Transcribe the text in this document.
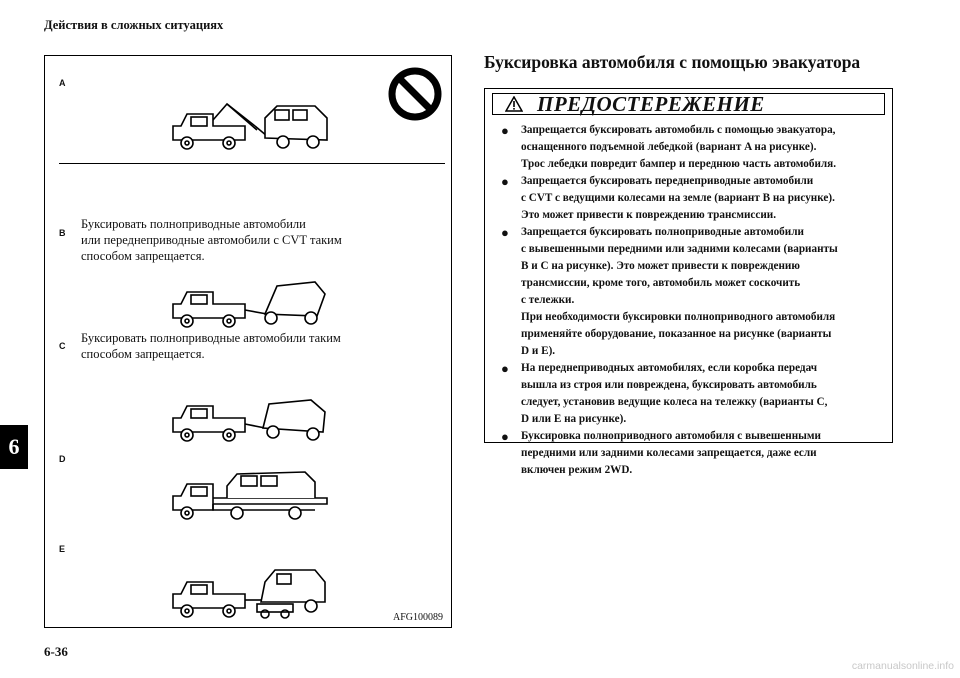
Действия в сложных ситуациях
6
6-36
carmanualsonline.info
A
B
Буксировать полноприводные автомобили
или переднеприводные автомобили с CVT таким
способом запрещается.
C
Буксировать полноприводные автомобили таким
способом запрещается.
D
E
AFG100089
Буксировка автомобиля с помощью эвакуатора
ПРЕДОСТЕРЕЖЕНИЕ
●	Запрещается буксировать автомобиль с помощью эвакуатора,
оснащенного подъемной лебедкой (вариант A на рисунке).
Трос лебедки повредит бампер и переднюю часть автомобиля.
●	Запрещается буксировать переднеприводные автомобили
с CVT с ведущими колесами на земле (вариант B на рисунке).
Это может привести к повреждению трансмиссии.
●	Запрещается буксировать полноприводные автомобили
с вывешенными передними или задними колесами (варианты
B и C на рисунке). Это может привести к повреждению
трансмиссии, кроме того, автомобиль может соскочить
с тележки.
При необходимости буксировки полноприводного автомобиля
применяйте оборудование, показанное на рисунке (варианты
D и E).
●	На переднеприводных автомобилях, если коробка передач
вышла из строя или повреждена, буксировать автомобиль
следует, установив ведущие колеса на тележку (варианты C,
D или E на рисунке).
●	Буксировка полноприводного автомобиля с вывешенными
передними или задними колесами запрещается, даже если
включен режим 2WD.
